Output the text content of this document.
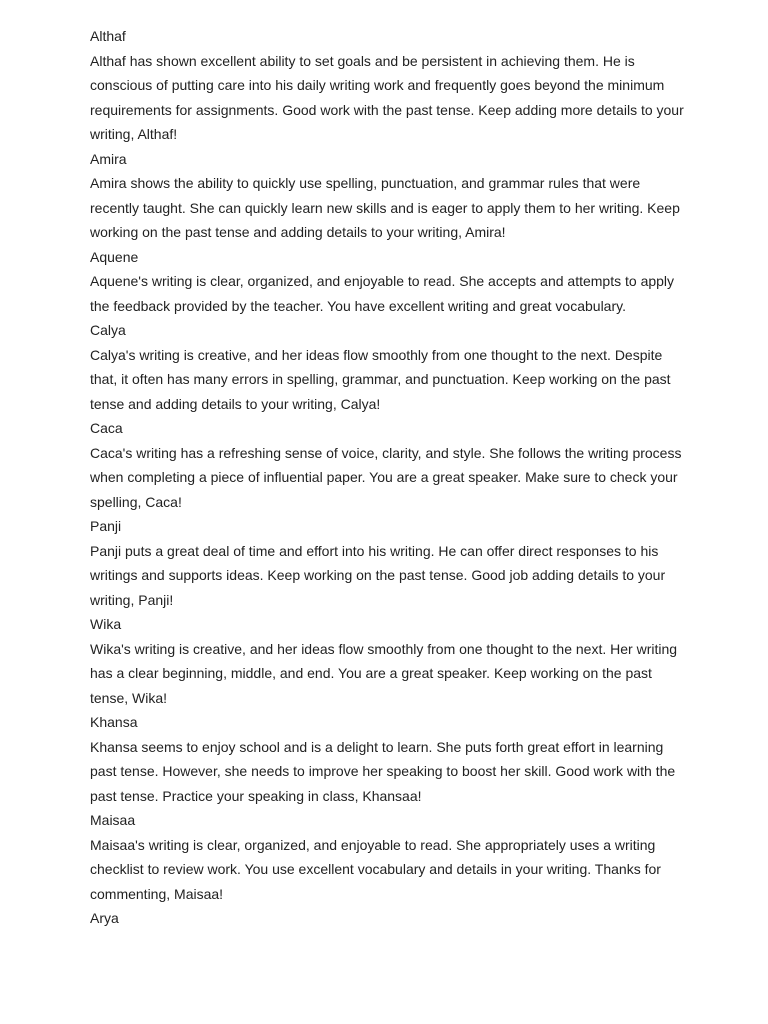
Althaf
Althaf has shown excellent ability to set goals and be persistent in achieving them. He is
conscious of putting care into his daily writing work and frequently goes beyond the minimum
requirements for assignments. Good work with the past tense. Keep adding more details to your
writing, Althaf!
Amira
Amira shows the ability to quickly use spelling, punctuation, and grammar rules that were
recently taught. She can quickly learn new skills and is eager to apply them to her writing. Keep
working on the past tense and adding details to your writing, Amira!
Aquene
Aquene's writing is clear, organized, and enjoyable to read. She accepts and attempts to apply
the feedback provided by the teacher. You have excellent writing and great vocabulary.
Calya
Calya's writing is creative, and her ideas flow smoothly from one thought to the next. Despite
that, it often has many errors in spelling, grammar, and punctuation. Keep working on the past
tense and adding details to your writing, Calya!
Caca
Caca's writing has a refreshing sense of voice, clarity, and style. She follows the writing process
when completing a piece of influential paper. You are a great speaker. Make sure to check your
spelling, Caca!
Panji
Panji puts a great deal of time and effort into his writing. He can offer direct responses to his
writings and supports ideas. Keep working on the past tense. Good job adding details to your
writing, Panji!
Wika
Wika's writing is creative, and her ideas flow smoothly from one thought to the next. Her writing
has a clear beginning, middle, and end. You are a great speaker. Keep working on the past
tense, Wika!
Khansa
Khansa seems to enjoy school and is a delight to learn. She puts forth great effort in learning
past tense. However, she needs to improve her speaking to boost her skill. Good work with the
past tense. Practice your speaking in class, Khansaa!
Maisaa
Maisaa's writing is clear, organized, and enjoyable to read. She appropriately uses a writing
checklist to review work. You use excellent vocabulary and details in your writing. Thanks for
commenting, Maisaa!
Arya
